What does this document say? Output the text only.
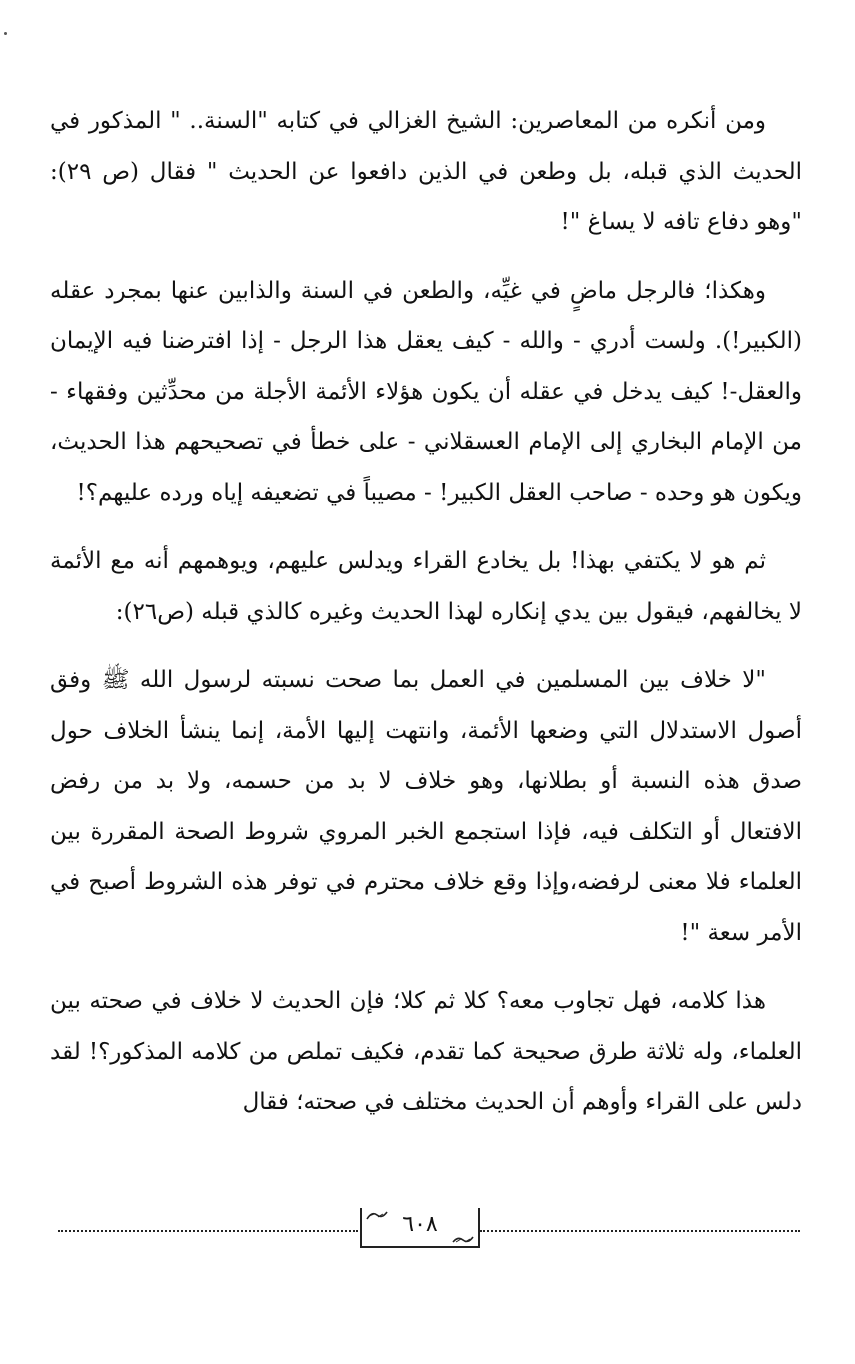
ومن أنكره من المعاصرين: الشيخ الغزالي في كتابه "السنة.. " المذكور في الحديث الذي قبله، بل وطعن في الذين دافعوا عن الحديث " فقال (ص ٢٩): "وهو دفاع تافه لا يساغ "!

وهكذا؛ فالرجل ماضٍ في غيِّه، والطعن في السنة والذابين عنها بمجرد عقله (الكبير!). ولست أدري - والله - كيف يعقل هذا الرجل - إذا افترضنا فيه الإيمان والعقل-! كيف يدخل في عقله أن يكون هؤلاء الأئمة الأجلة من محدِّثين وفقهاء - من الإمام البخاري إلى الإمام العسقلاني - على خطأ في تصحيحهم هذا الحديث، ويكون هو وحده - صاحب العقل الكبير! - مصيباً في تضعيفه إياه ورده عليهم؟!

ثم هو لا يكتفي بهذا! بل يخادع القراء ويدلس عليهم، ويوهمهم أنه مع الأئمة لا يخالفهم، فيقول بين يدي إنكاره لهذا الحديث وغيره كالذي قبله (ص٢٦):

"لا خلاف بين المسلمين في العمل بما صحت نسبته لرسول الله ﷺ وفق أصول الاستدلال التي وضعها الأئمة، وانتهت إليها الأمة، إنما ينشأ الخلاف حول صدق هذه النسبة أو بطلانها، وهو خلاف لا بد من حسمه، ولا بد من رفض الافتعال أو التكلف فيه، فإذا استجمع الخبر المروي شروط الصحة المقررة بين العلماء فلا معنى لرفضه،وإذا وقع خلاف محترم في توفر هذه الشروط أصبح في الأمر سعة "!

هذا كلامه، فهل تجاوب معه؟ كلا ثم كلا؛ فإن الحديث لا خلاف في صحته بين العلماء، وله ثلاثة طرق صحيحة كما تقدم، فكيف تملص من كلامه المذكور؟! لقد دلس على القراء وأوهم أن الحديث مختلف في صحته؛ فقال

٦٠٨
